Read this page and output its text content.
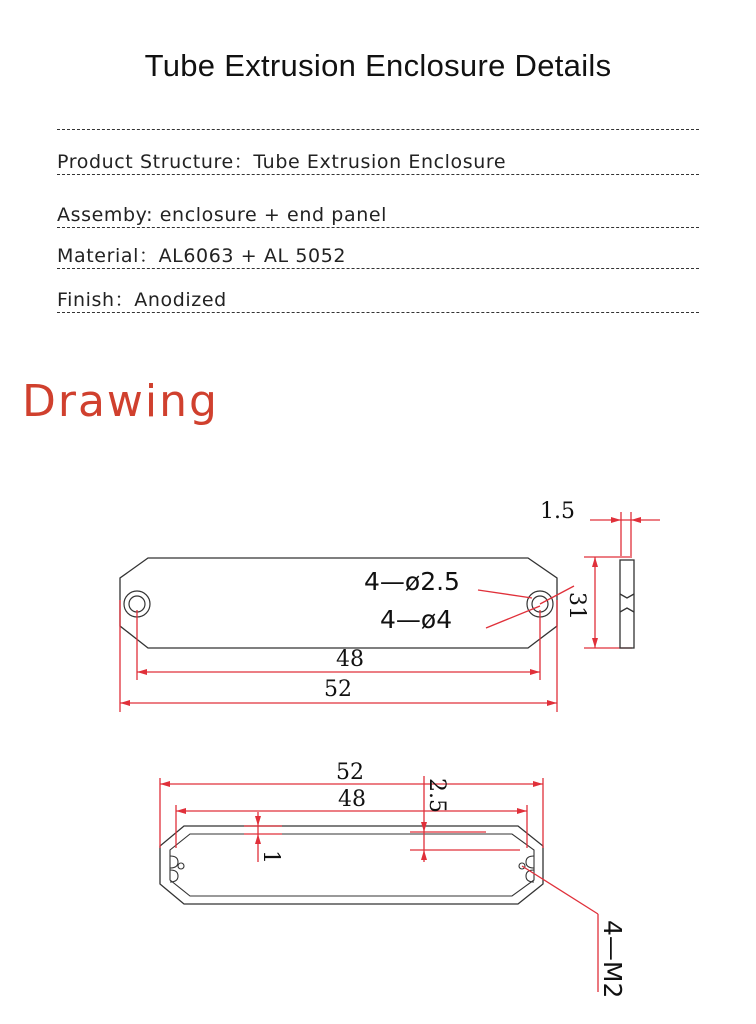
Tube Extrusion Enclosure Details
Product Structure：Tube Extrusion Enclosure
Assemby: enclosure + end panel
Material：AL6063 + AL 5052
Finish：Anodized
Drawing
48
52
4—ø2.5
4—ø4
1.5
31
52
48	2.5
1
4—M2
